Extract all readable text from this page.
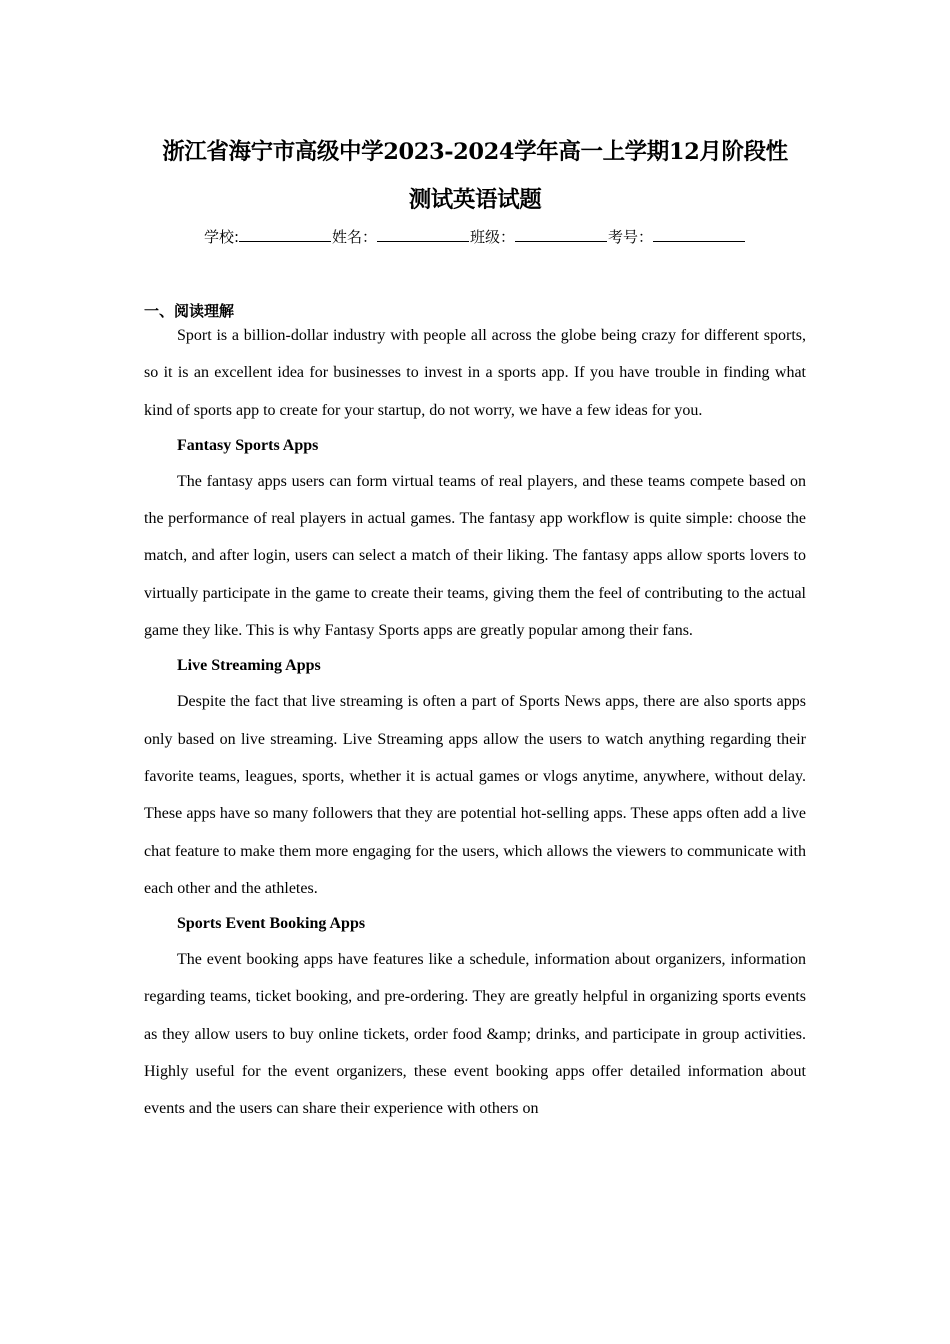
浙江省海宁市高级中学2023-2024学年高一上学期12月阶段性
测试英语试题
学校:	姓名：	班级：	考号：
一、阅读理解

Sport is a billion-dollar industry with people all across the globe being crazy for different sports, so it is an excellent idea for businesses to invest in a sports app. If you have trouble in finding what kind of sports app to create for your startup, do not worry, we have a few ideas for you.

Fantasy Sports Apps

The fantasy apps users can form virtual teams of real players, and these teams compete based on the performance of real players in actual games. The fantasy app workflow is quite simple: choose the match, and after login, users can select a match of their liking. The fantasy apps allow sports lovers to virtually participate in the game to create their teams, giving them the feel of contributing to the actual game they like. This is why Fantasy Sports apps are greatly popular among their fans.

Live Streaming Apps

Despite the fact that live streaming is often a part of Sports News apps, there are also sports apps only based on live streaming. Live Streaming apps allow the users to watch anything regarding their favorite teams, leagues, sports, whether it is actual games or vlogs anytime, anywhere, without delay. These apps have so many followers that they are potential hot-selling apps. These apps often add a live chat feature to make them more engaging for the users, which allows the viewers to communicate with each other and the athletes.

Sports Event Booking Apps

The event booking apps have features like a schedule, information about organizers, information regarding teams, ticket booking, and pre-ordering. They are greatly helpful in organizing sports events as they allow users to buy online tickets, order food &amp; drinks, and participate in group activities. Highly useful for the event organizers, these event booking apps offer detailed information about events and the users can share their experience with others on
